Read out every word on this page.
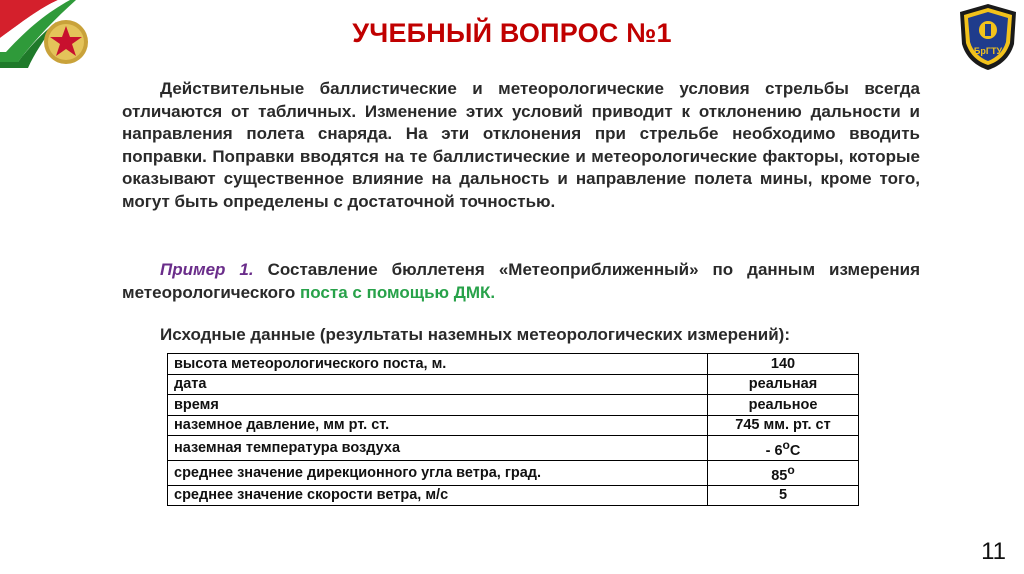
УЧЕБНЫЙ ВОПРОС №1
БрГТУ
Действительные баллистические и метеорологические условия стрельбы всегда отличаются от табличных. Изменение этих условий приводит к отклонению дальности и направления полета снаряда. На эти отклонения при стрельбе необходимо вводить поправки. Поправки вводятся на те баллистические и метеорологические факторы, которые оказывают существенное влияние на дальность и направление полета мины, кроме того, могут быть определены с достаточной точностью.
Пример 1. Составление бюллетеня «Метеоприближенный» по данным измерения метеорологического поста с помощью ДМК.
Исходные данные (результаты наземных метеорологических измерений):
высота метеорологического поста, м.	140
дата	реальная
время	реальное
наземное давление, мм рт. ст.	745 мм. рт. ст
наземная температура воздуха	- $6^оС$
среднее значение дирекционного угла ветра, град.	$85^о$
среднее значение скорости ветра, м/с	5
11
